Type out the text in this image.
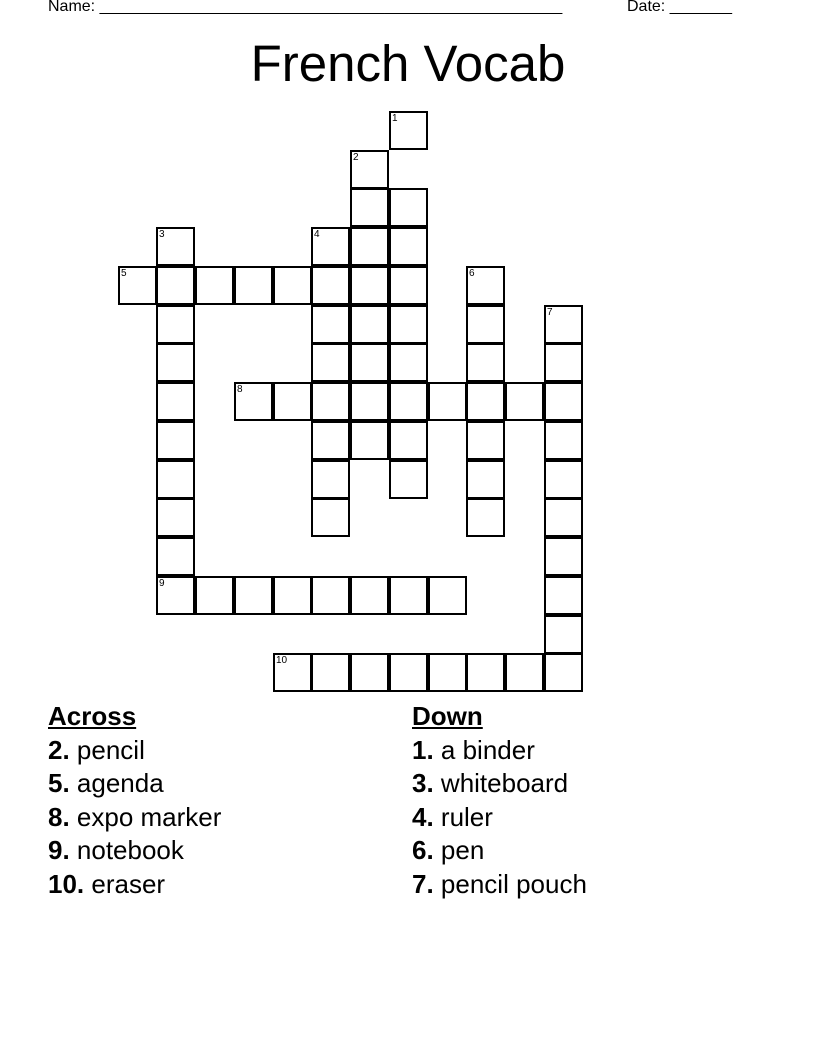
Name: ____________________________________________________	Date: _______
French Vocab
1
2
3	4
5	6
7
8
9
10
Across
2. pencil
5. agenda
8. expo marker
9. notebook
10. eraser
Down
1. a binder
3. whiteboard
4. ruler
6. pen
7. pencil pouch
